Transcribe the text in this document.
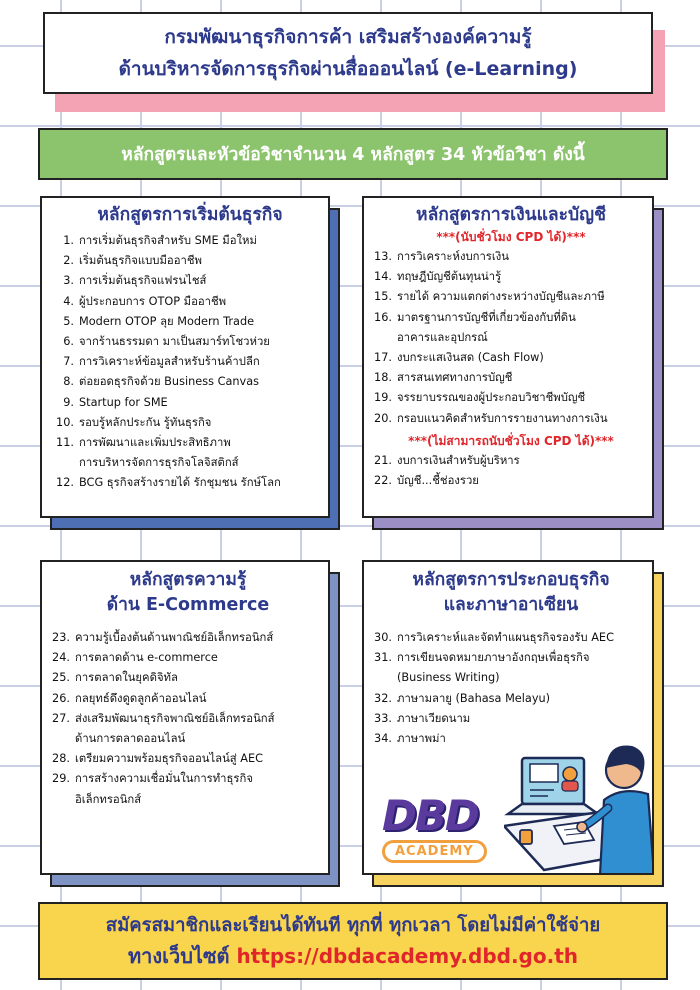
กรมพัฒนาธุรกิจการค้า เสริมสร้างองค์ความรู้
ด้านบริหารจัดการธุรกิจผ่านสื่อออนไลน์ (e-Learning)
หลักสูตรและหัวข้อวิชาจำนวน 4 หลักสูตร 34 หัวข้อวิชา ดังนี้
หลักสูตรการเริ่มต้นธุรกิจ
1. การเริ่มต้นธุรกิจสำหรับ SME มือใหม่
2. เริ่มต้นธุรกิจแบบมืออาชีพ
3. การเริ่มต้นธุรกิจแฟรนไชส์
4. ผู้ประกอบการ OTOP มืออาชีพ
5. Modern OTOP ลุย Modern Trade
6. จากร้านธรรมดา มาเป็นสมาร์ทโชวห่วย
7. การวิเคราะห์ข้อมูลสำหรับร้านค้าปลีก
8. ต่อยอดธุรกิจด้วย Business Canvas
9. Startup for SME
10. รอบรู้หลักประกัน รู้ทันธุรกิจ
11. การพัฒนาและเพิ่มประสิทธิภาพ
การบริหารจัดการธุรกิจโลจิสติกส์
12. BCG ธุรกิจสร้างรายได้ รักชุมชน รักษ์โลก
หลักสูตรการเงินและบัญชี
***(นับชั่วโมง CPD ได้)***
13. การวิเคราะห์งบการเงิน
14. ทฤษฎีบัญชีต้นทุนน่ารู้
15. รายได้ ความแตกต่างระหว่างบัญชีและภาษี
16. มาตรฐานการบัญชีที่เกี่ยวข้องกับที่ดิน
อาคารและอุปกรณ์
17. งบกระแสเงินสด (Cash Flow)
18. สารสนเทศทางการบัญชี
19. จรรยาบรรณของผู้ประกอบวิชาชีพบัญชี
20. กรอบแนวคิดสำหรับการรายงานทางการเงิน
***(ไม่สามารถนับชั่วโมง CPD ได้)***
21. งบการเงินสำหรับผู้บริหาร
22. บัญชี...ชี้ช่องรวย
หลักสูตรความรู้
ด้าน E-Commerce
23. ความรู้เบื้องต้นด้านพาณิชย์อิเล็กทรอนิกส์
24. การตลาดด้าน e-commerce
25. การตลาดในยุคดิจิทัล
26. กลยุทธ์ดึงดูดลูกค้าออนไลน์
27. ส่งเสริมพัฒนาธุรกิจพาณิชย์อิเล็กทรอนิกส์
ด้านการตลาดออนไลน์
28. เตรียมความพร้อมธุรกิจออนไลน์สู่ AEC
29. การสร้างความเชื่อมั่นในการทำธุรกิจ
อิเล็กทรอนิกส์
หลักสูตรการประกอบธุรกิจ
และภาษาอาเซียน
30. การวิเคราะห์และจัดทำแผนธุรกิจรองรับ AEC
31. การเขียนจดหมายภาษาอังกฤษเพื่อธุรกิจ
(Business Writing)
32. ภาษามลายู (Bahasa Melayu)
33. ภาษาเวียดนาม
34. ภาษาพม่า
DBD
ACADEMY
สมัครสมาชิกและเรียนได้ทันที ทุกที่ ทุกเวลา โดยไม่มีค่าใช้จ่าย
ทางเว็บไซต์ https://dbdacademy.dbd.go.th
